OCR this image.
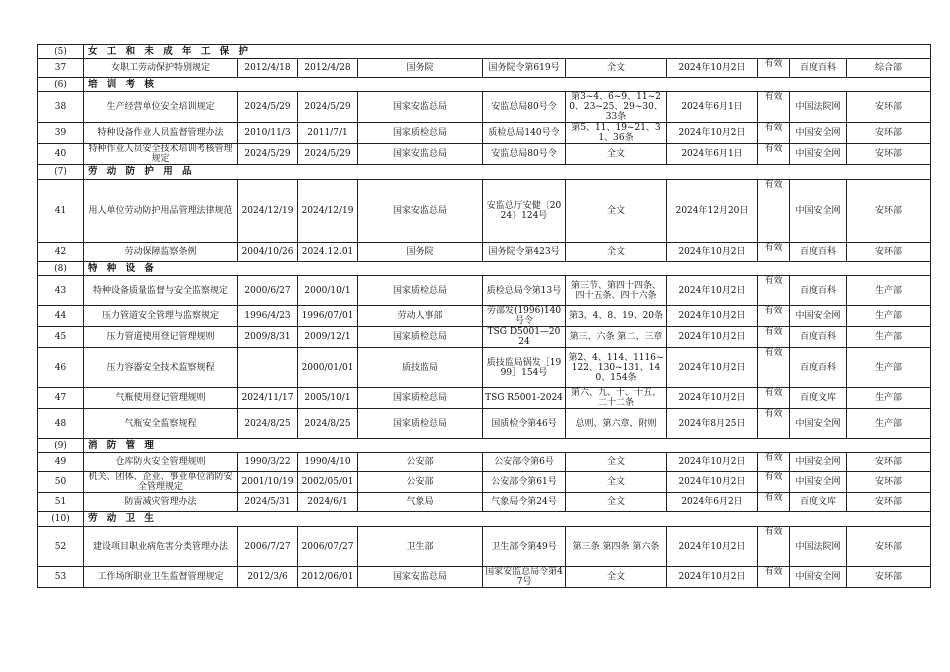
(5)	女 工 和 未 成 年 工 保 护									
37	女职工劳动保护特别规定	2012/4/18	2012/4/28	国务院	国务院令第619号	全文	2024年10月2日	有效	百度百科	综合部
(6)	培 训 考 核									
38	生产经营单位安全培训规定	2024/5/29	2024/5/29	国家安监总局	安监总局80号令	第3~4、6~9、11~20、23~25、29~30、33条	2024年6月1日	有效	中国法院网	安环部
39	特种设备作业人员监督管理办法	2010/11/3	2011/7/1	国家质检总局	质检总局140号令	第5、11、19~21、31、36条	2024年10月2日	有效	中国安全网	安环部
40	特种作业人员安全技术培训考核管理规定	2024/5/29	2024/5/29	国家安监总局	安监总局80号令	全文	2024年6月1日	有效	中国安全网	安环部
(7)	劳 动 防 护 用 品									
41	用人单位劳动防护用品管理法律规范	2024/12/19	2024/12/19	国家安监总局	安监总厅安健〔2024〕124号	全文	2024年12月20日	有效	中国安全网	安环部
42	劳动保障监察条例	2004/10/26	2024.12.01	国务院	国务院令第423号	全文	2024年10月2日	有效	百度百科	安环部
(8)	特 种 设 备									
43	特种设备质量监督与安全监察规定	2000/6/27	2000/10/1	国家质检总局	质检总局令第13号	第三节、第四十四条、四十五条、四十六条	2024年10月2日	有效	百度百科	生产部
44	压力管道安全管理与监察规定	1996/4/23	1996/07/01	劳动人事部	劳部发(1996)140号令	第3、4、8、19、20条	2024年10月2日	有效	中国安全网	生产部
45	压力管道使用登记管理规则	2009/8/31	2009/12/1	国家质检总局	TSG D5001—2024	第三、六条 第二、三章	2024年10月2日	有效	百度百科	生产部
46	压力容器安全技术监察规程		2000/01/01	质技监局	质技监局锅发［1999］154号	第2、4、114、1116~122、130~131、140、154条	2024年10月2日	有效	百度百科	生产部
47	气瓶使用登记管理规则	2024/11/17	2005/10/1	国家质检总局	TSG R5001-2024	第六、九、十、十五、二十二条	2024年10月2日	有效	百度文库	生产部
48	气瓶安全监察规程	2024/8/25	2024/8/25	国家质检总局	国质检令第46号	总则、第六章、附则	2024年8月25日	有效	中国安全网	生产部
(9)	消 防 管 理									
49	仓库防火安全管理规则	1990/3/22	1990/4/10	公安部	公安部令第6号	全文	2024年10月2日	有效	中国安全网	安环部
50	机关、团体、企业、事业单位消防安全管理规定	2001/10/19	2002/05/01	公安部	公安部令第61号	全文	2024年10月2日	有效	中国安全网	安环部
51	防雷减灾管理办法	2024/5/31	2024/6/1	气象局	气象局令第24号	全文	2024年6月2日	有效	百度文库	安环部
(10)	劳 动 卫 生									
52	建设项目职业病危害分类管理办法	2006/7/27	2006/07/27	卫生部	卫生部令第49号	第三条 第四条 第六条	2024年10月2日	有效	中国法院网	安环部
53	工作场所职业卫生监督管理规定	2012/3/6	2012/06/01	国家安监总局	国家安监总局令第47号	全文	2024年10月2日	有效	中国安全网	安环部
